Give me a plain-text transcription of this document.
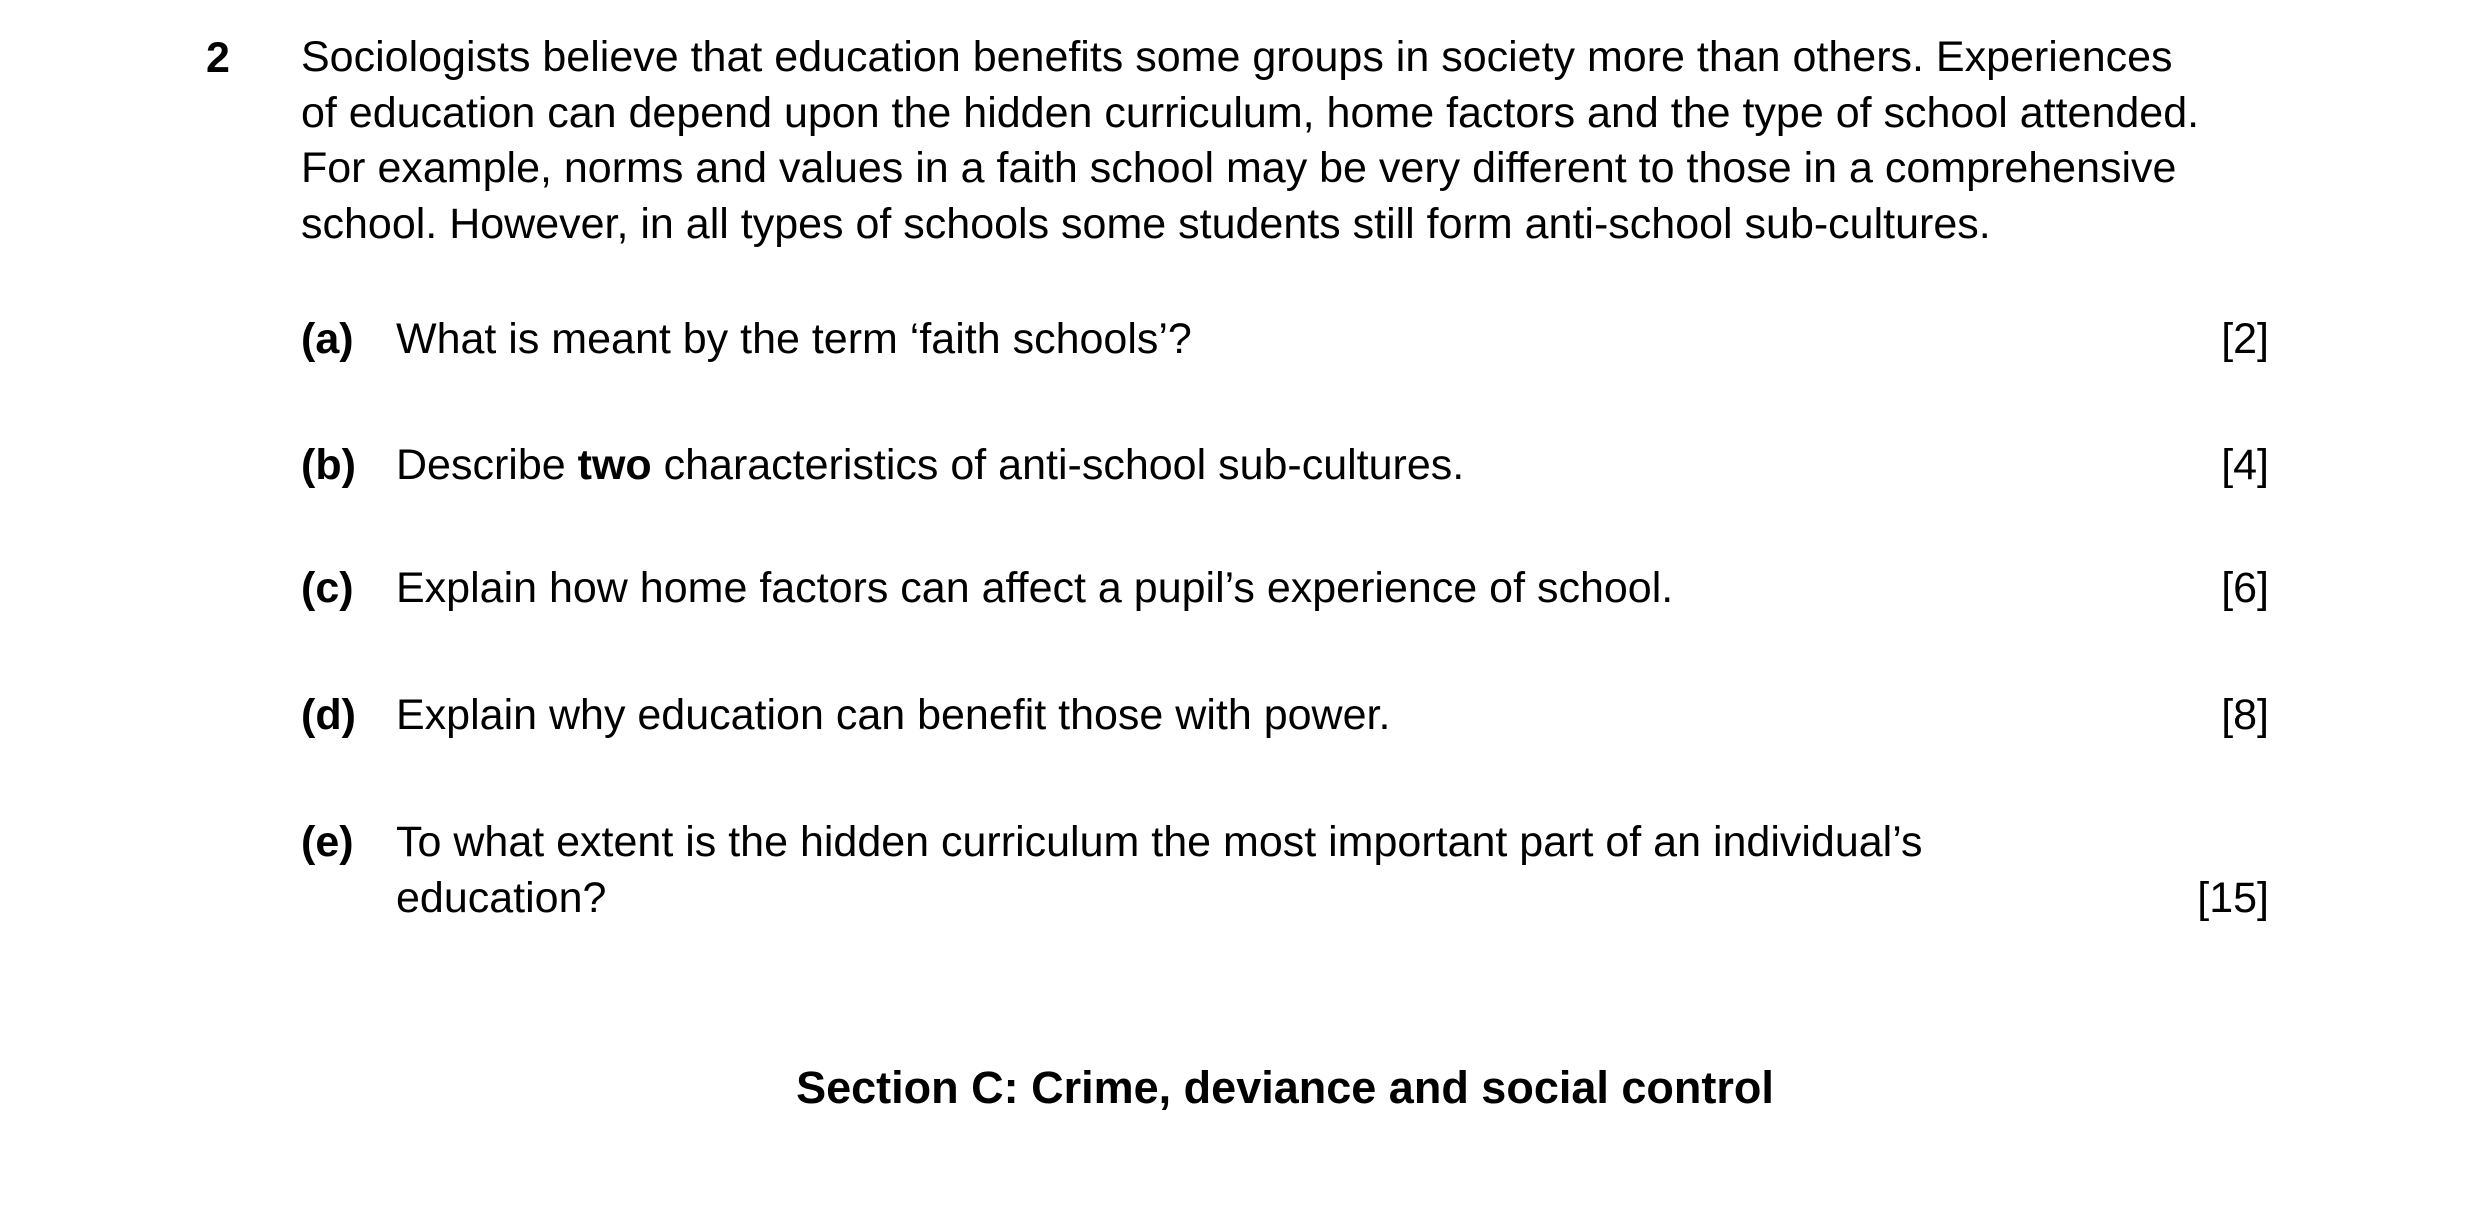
2 Sociologists believe that education benefits some groups in society more than others. Experiences
of education can depend upon the hidden curriculum, home factors and the type of school attended.
For example, norms and values in a faith school may be very different to those in a comprehensive
school. However, in all types of schools some students still form anti-school sub-cultures.
(a) What is meant by the term ‘faith schools’?	[2]
(b) Describe two characteristics of anti-school sub-cultures.	[4]
(c) Explain how home factors can affect a pupil’s experience of school.	[6]
(d) Explain why education can benefit those with power.	[8]
(e) To what extent is the hidden curriculum the most important part of an individual’s
education?	[15]
Section C: Crime, deviance and social control
